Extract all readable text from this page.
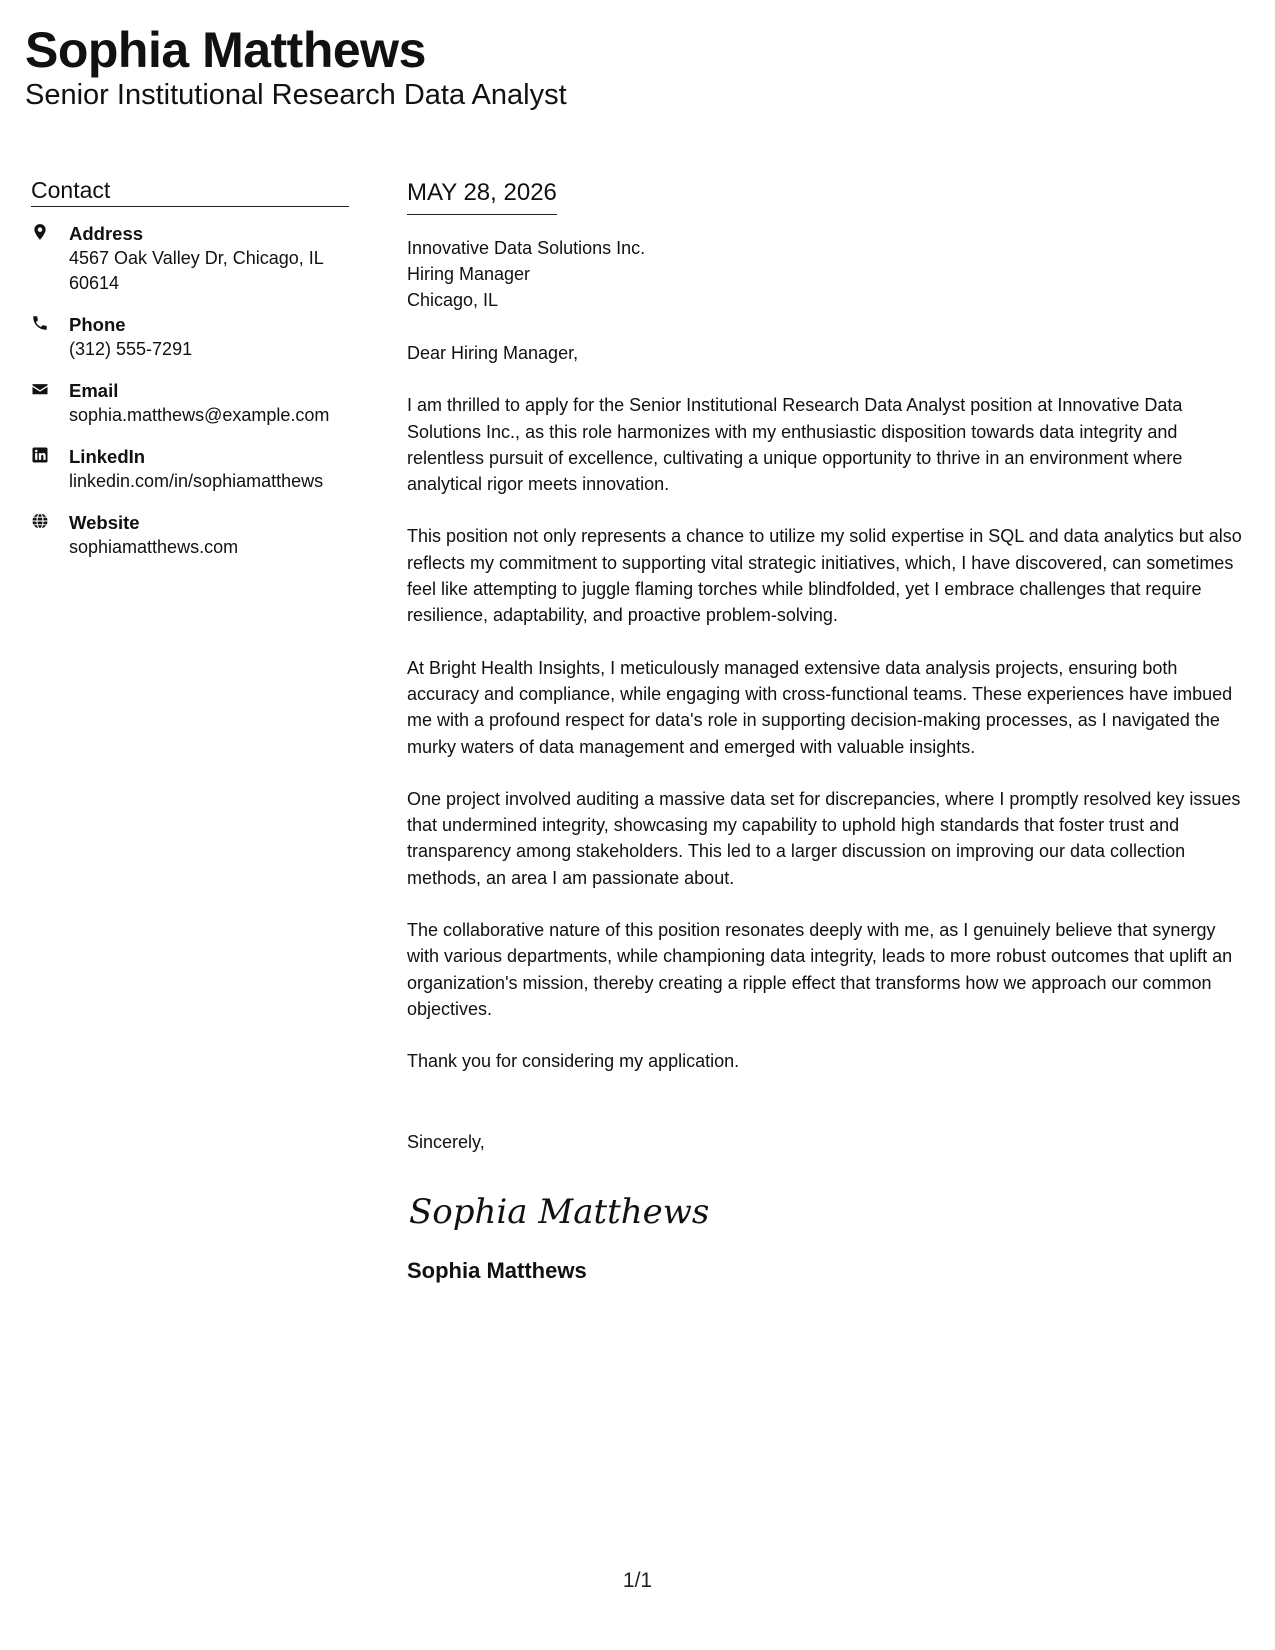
Sophia Matthews
Senior Institutional Research Data Analyst
Contact
Address
4567 Oak Valley Dr, Chicago, IL
60614
Phone
(312) 555-7291
Email
sophia.matthews@example.com
LinkedIn
linkedin.com/in/sophiamatthews
Website
sophiamatthews.com
MAY 28, 2026
Innovative Data Solutions Inc.
Hiring Manager
Chicago, IL

Dear Hiring Manager,

I am thrilled to apply for the Senior Institutional Research Data Analyst position at Innovative Data Solutions Inc., as this role harmonizes with my enthusiastic disposition towards data integrity and relentless pursuit of excellence, cultivating a unique opportunity to thrive in an environment where analytical rigor meets innovation.

This position not only represents a chance to utilize my solid expertise in SQL and data analytics but also reflects my commitment to supporting vital strategic initiatives, which, I have discovered, can sometimes feel like attempting to juggle flaming torches while blindfolded, yet I embrace challenges that require resilience, adaptability, and proactive problem-solving.

At Bright Health Insights, I meticulously managed extensive data analysis projects, ensuring both accuracy and compliance, while engaging with cross-functional teams. These experiences have imbued me with a profound respect for data's role in supporting decision-making processes, as I navigated the murky waters of data management and emerged with valuable insights.

One project involved auditing a massive data set for discrepancies, where I promptly resolved key issues that undermined integrity, showcasing my capability to uphold high standards that foster trust and transparency among stakeholders. This led to a larger discussion on improving our data collection methods, an area I am passionate about.

The collaborative nature of this position resonates deeply with me, as I genuinely believe that synergy with various departments, while championing data integrity, leads to more robust outcomes that uplift an organization's mission, thereby creating a ripple effect that transforms how we approach our common objectives.

Thank you for considering my application.

Sincerely,

Sophia Matthews
Sophia Matthews
1/1
